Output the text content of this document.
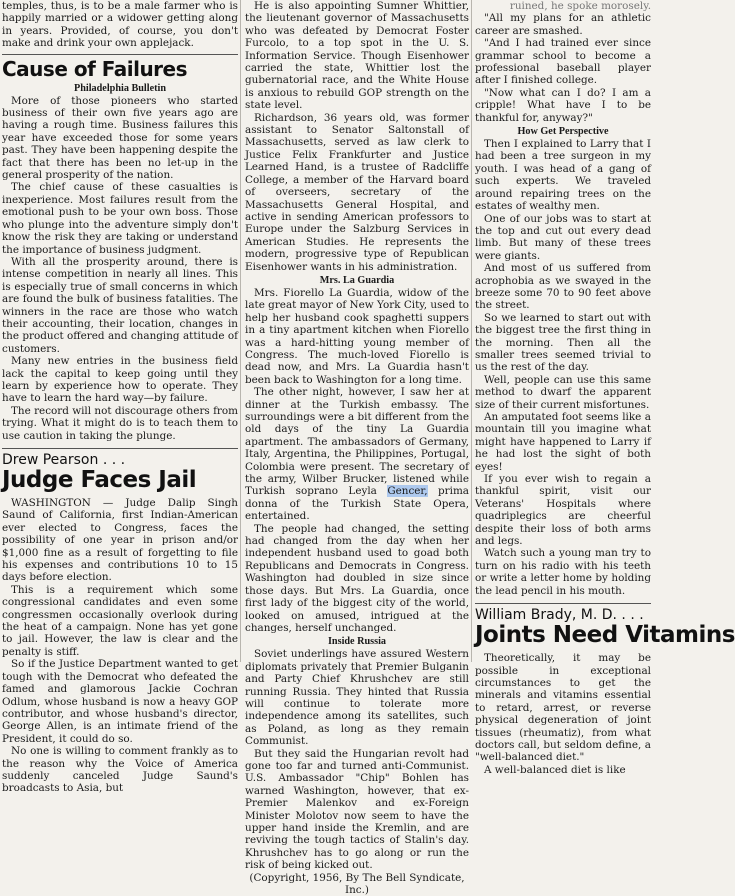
temples, thus, is to be a male farmer who is happily married or a widower getting along in years. Provided, of course, you don't make and drink your own applejack.

Cause of Failures
Philadelphia Bulletin

More of those pioneers who started business of their own five years ago are having a rough time. Business failures this year have exceeded those for some years past. They have been happening despite the fact that there has been no let-up in the general prosperity of the nation.

The chief cause of these casualties is inexperience. Most failures result from the emotional push to be your own boss. Those who plunge into the adventure simply don't know the risk they are taking or understand the importance of business judgment.

With all the prosperity around, there is intense competition in nearly all lines. This is especially true of small concerns in which are found the bulk of business fatalities. The winners in the race are those who watch their accounting, their location, changes in the product offered and changing attitude of customers.

Many new entries in the business field lack the capital to keep going until they learn by experience how to operate. They have to learn the hard way—by failure.

The record will not discourage others from trying. What it might do is to teach them to use caution in taking the plunge.

Drew Pearson . . .
Judge Faces Jail

WASHINGTON — Judge Dalip Singh Saund of California, first Indian-American ever elected to Congress, faces the possibility of one year in prison and/or $1,000 fine as a result of forgetting to file his expenses and contributions 10 to 15 days before election.

This is a requirement which some congressional candidates and even some congressmen occasionally overlook during the heat of a campaign. None has yet gone to jail. However, the law is clear and the penalty is stiff.

So if the Justice Department wanted to get tough with the Democrat who defeated the famed and glamorous Jackie Cochran Odlum, whose husband is now a heavy GOP contributor, and whose husband's director, George Allen, is an intimate friend of the President, it could do so.

No one is willing to comment frankly as to the reason why the Voice of America suddenly canceled Judge Saund's broadcasts to Asia, but

He is also appointing Sumner Whittier, the lieutenant governor of Massachusetts who was defeated by Democrat Foster Furcolo, to a top spot in the U. S. Information Service. Though Eisenhower carried the state, Whittier lost the gubernatorial race, and the White House is anxious to rebuild GOP strength on the state level.

Richardson, 36 years old, was former assistant to Senator Saltonstall of Massachusetts, served as law clerk to Justice Felix Frankfurter and Justice Learned Hand, is a trustee of Radcliffe College, a member of the Harvard board of overseers, secretary of the Massachusetts General Hospital, and active in sending American professors to Europe under the Salzburg Services in American Studies. He represents the modern, progressive type of Republican Eisenhower wants in his administration.

Mrs. La Guardia

Mrs. Fiorello La Guardia, widow of the late great mayor of New York City, used to help her husband cook spaghetti suppers in a tiny apartment kitchen when Fiorello was a hard-hitting young member of Congress. The much-loved Fiorello is dead now, and Mrs. La Guardia hasn't been back to Washington for a long time.

The other night, however, I saw her at dinner at the Turkish embassy. The surroundings were a bit different from the old days of the tiny La Guardia apartment. The ambassadors of Germany, Italy, Argentina, the Philippines, Portugal, Colombia were present. The secretary of the army, Wilber Brucker, listened while Turkish soprano Leyla Gencer, prima donna of the Turkish State Opera, entertained.

The people had changed, the setting had changed from the day when her independent husband used to goad both Republicans and Democrats in Congress. Washington had doubled in size since those days. But Mrs. La Guardia, once first lady of the biggest city of the world, looked on amused, intrigued at the changes, herself unchanged.

Inside Russia

Soviet underlings have assured Western diplomats privately that Premier Bulganin and Party Chief Khrushchev are still running Russia. They hinted that Russia will continue to tolerate more independence among its satellites, such as Poland, as long as they remain Communist.

But they said the Hungarian revolt had gone too far and turned anti-Communist. U.S. Ambassador "Chip" Bohlen has warned Washington, however, that ex-Premier Malenkov and ex-Foreign Minister Molotov now seem to have the upper hand inside the Kremlin, and are reviving the tough tactics of Stalin's day. Khrushchev has to go along or run the risk of being kicked out.

(Copyright, 1956, By The Bell Syndicate, Inc.)

ruined, he spoke morosely.

"All my plans for an athletic career are smashed.

"And I had trained ever since grammar school to become a professional baseball player after I finished college.

"Now what can I do? I am a cripple! What have I to be thankful for, anyway?"

How Get Perspective

Then I explained to Larry that I had been a tree surgeon in my youth. I was head of a gang of such experts. We traveled around repairing trees on the estates of wealthy men.

One of our jobs was to start at the top and cut out every dead limb. But many of these trees were giants.

And most of us suffered from acrophobia as we swayed in the breeze some 70 to 90 feet above the street.

So we learned to start out with the biggest tree the first thing in the morning. Then all the smaller trees seemed trivial to us the rest of the day.

Well, people can use this same method to dwarf the apparent size of their current misfortunes.

An amputated foot seems like a mountain till you imagine what might have happened to Larry if he had lost the sight of both eyes!

If you ever wish to regain a thankful spirit, visit our Veterans' Hospitals where quadriplegics are cheerful despite their loss of both arms and legs.

Watch such a young man try to turn on his radio with his teeth or write a letter home by holding the lead pencil in his mouth.

William Brady, M. D. . . .
Joints Need Vitamins

Theoretically, it may be possible in exceptional circumstances to get the minerals and vitamins essential to retard, arrest, or reverse physical degeneration of joint tissues (rheumatiz), from what doctors call, but seldom define, a "well-balanced diet."

A well-balanced diet is like
